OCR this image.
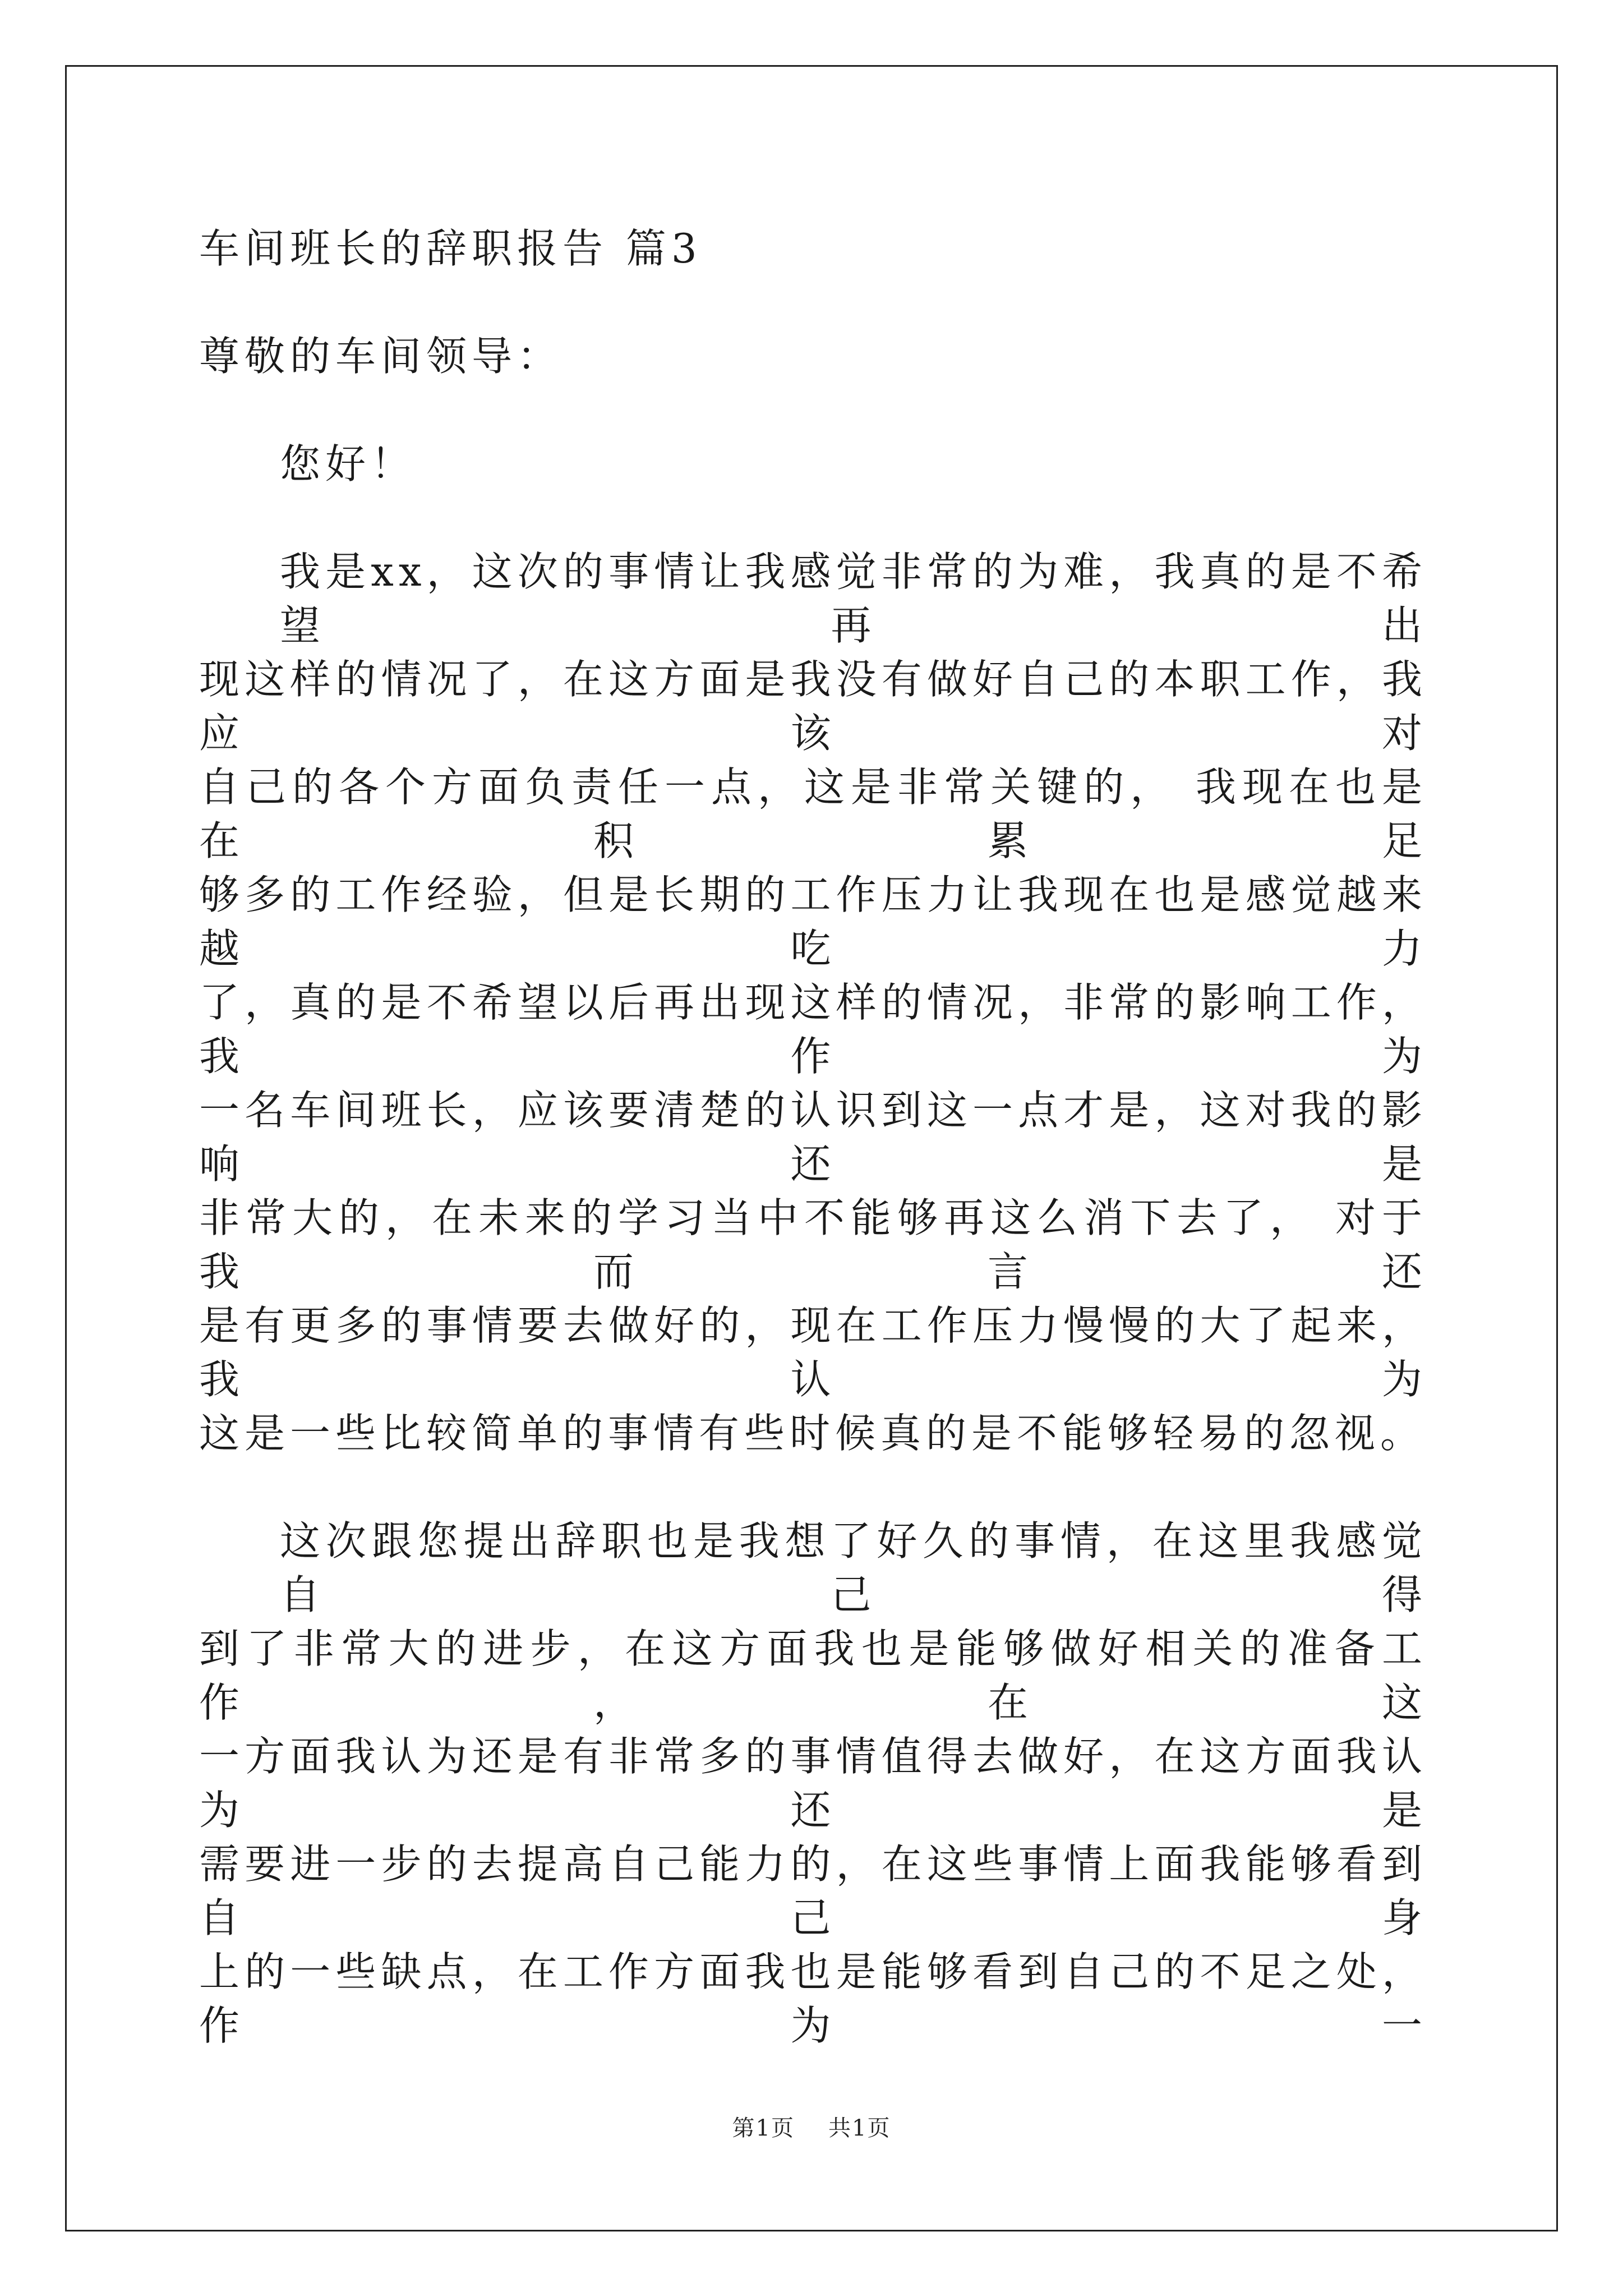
车间班长的辞职报告 篇3
尊敬的车间领导：
您好！
我是xx，这次的事情让我感觉非常的为难，我真的是不希望再出
现这样的情况了，在这方面是我没有做好自己的本职工作，我应该对
自己的各个方面负责任一点，这是非常关键的， 我现在也是在积累足
够多的工作经验，但是长期的工作压力让我现在也是感觉越来越吃力
了，真的是不希望以后再出现这样的情况，非常的影响工作，我作为
一名车间班长，应该要清楚的认识到这一点才是，这对我的影响还是
非常大的，在未来的学习当中不能够再这么消下去了， 对于我而言还
是有更多的事情要去做好的，现在工作压力慢慢的大了起来，我认为
这是一些比较简单的事情有些时候真的是不能够轻易的忽视。
这次跟您提出辞职也是我想了好久的事情，在这里我感觉自己得
到了非常大的进步，在这方面我也是能够做好相关的准备工作，在这
一方面我认为还是有非常多的事情值得去做好，在这方面我认为还是
需要进一步的去提高自己能力的，在这些事情上面我能够看到自己身
上的一些缺点，在工作方面我也是能够看到自己的不足之处，作为一
第1页 共1页
